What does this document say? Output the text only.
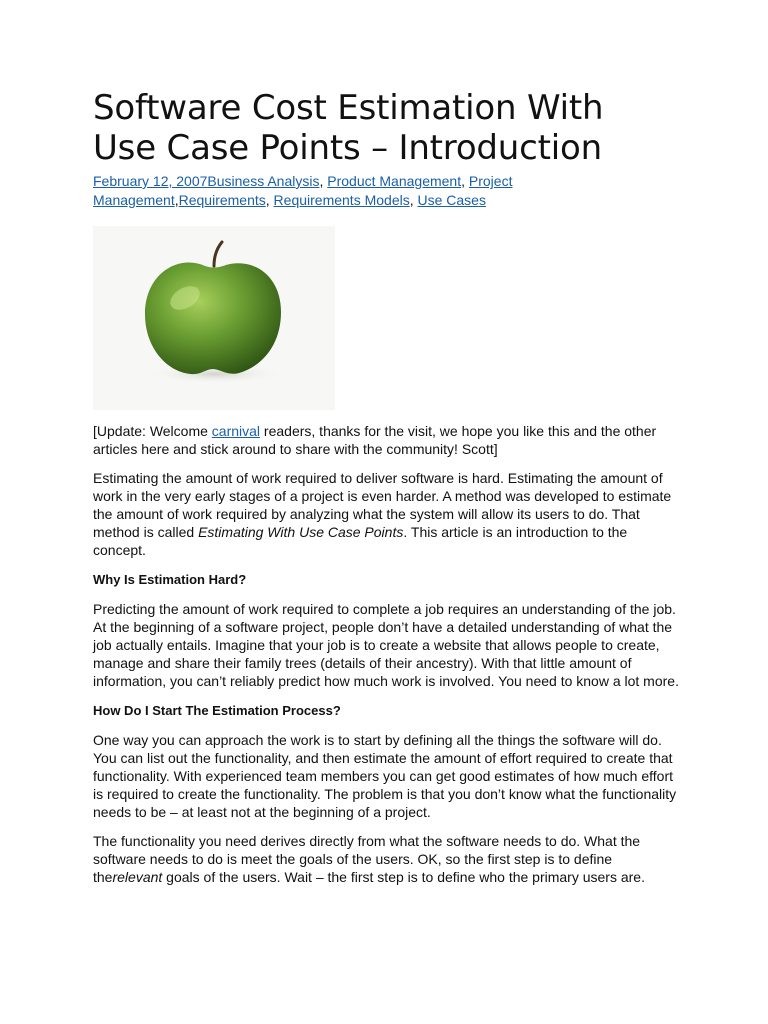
Software Cost Estimation With
Use Case Points – Introduction
February 12, 2007Business Analysis, Product Management, Project
Management,Requirements, Requirements Models, Use Cases

[Update: Welcome carnival readers, thanks for the visit, we hope you like this and the other articles here and stick around to share with the community! Scott]

Estimating the amount of work required to deliver software is hard. Estimating the amount of work in the very early stages of a project is even harder. A method was developed to estimate the amount of work required by analyzing what the system will allow its users to do. That method is called Estimating With Use Case Points. This article is an introduction to the concept.

Why Is Estimation Hard?

Predicting the amount of work required to complete a job requires an understanding of the job. At the beginning of a software project, people don’t have a detailed understanding of what the job actually entails. Imagine that your job is to create a website that allows people to create, manage and share their family trees (details of their ancestry). With that little amount of information, you can’t reliably predict how much work is involved. You need to know a lot more.

How Do I Start The Estimation Process?

One way you can approach the work is to start by defining all the things the software will do. You can list out the functionality, and then estimate the amount of effort required to create that functionality. With experienced team members you can get good estimates of how much effort is required to create the functionality. The problem is that you don’t know what the functionality needs to be – at least not at the beginning of a project.

The functionality you need derives directly from what the software needs to do. What the software needs to do is meet the goals of the users. OK, so the first step is to define therelevant goals of the users. Wait – the first step is to define who the primary users are.
